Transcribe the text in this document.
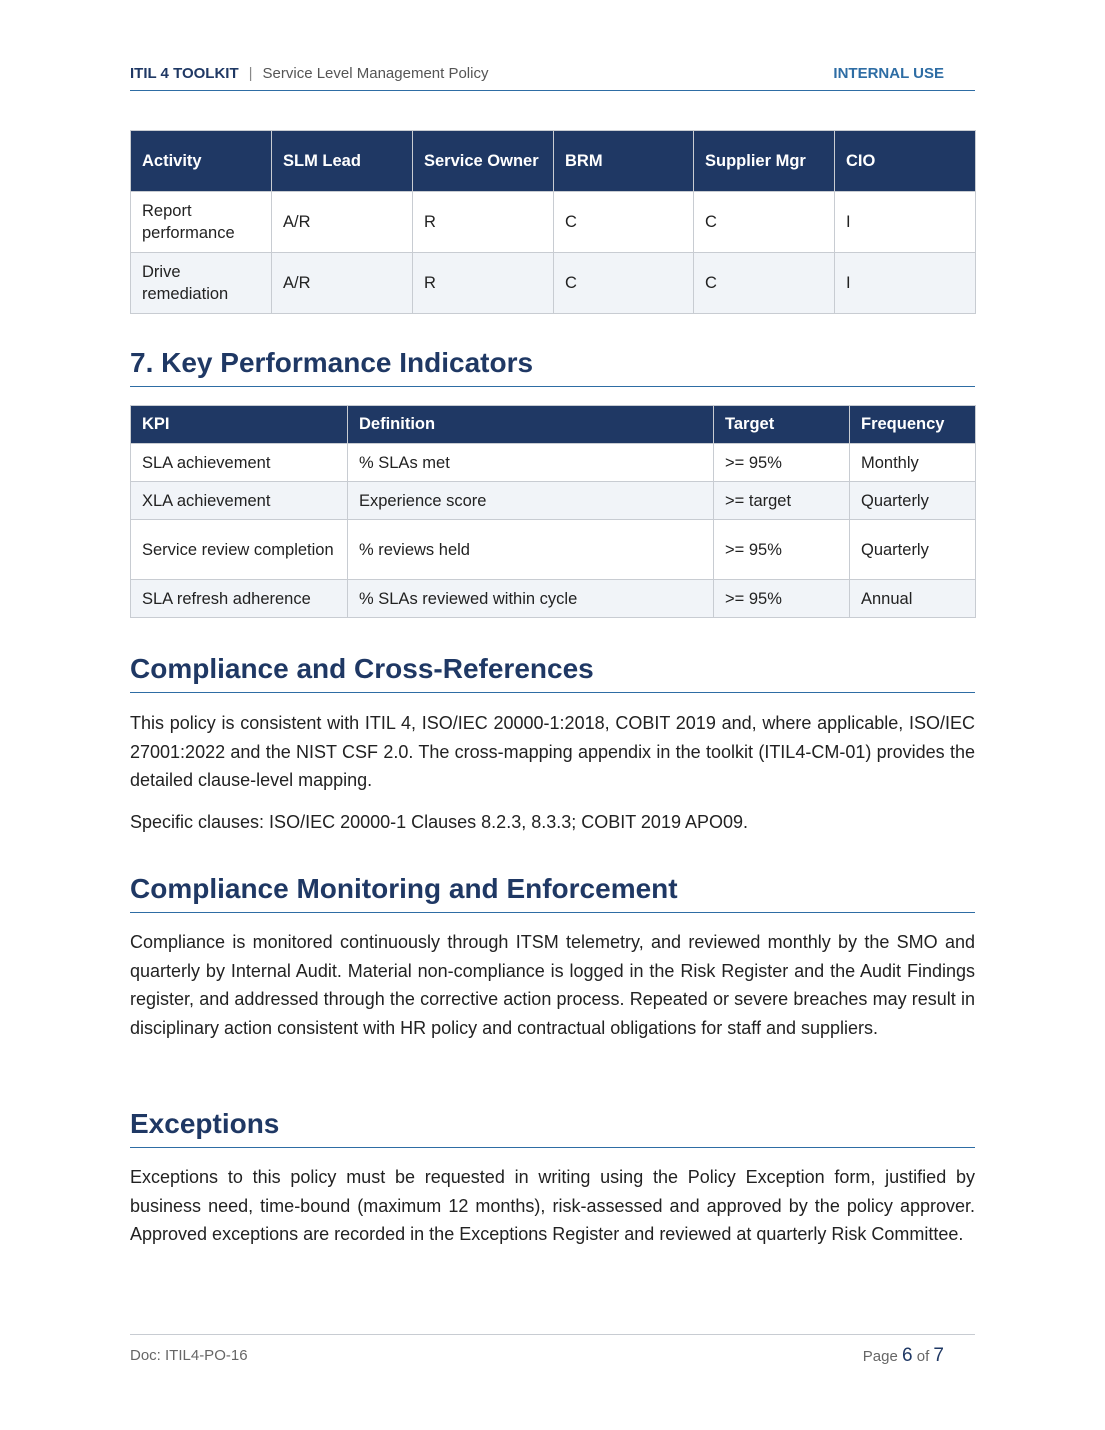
ITIL 4 TOOLKIT | Service Level Management Policy	INTERNAL USE
Activity	SLM Lead	Service Owner	BRM	Supplier Mgr	CIO
Report performance	A/R	R	C	C	I
Drive remediation	A/R	R	C	C	I
7. Key Performance Indicators
KPI	Definition	Target	Frequency
SLA achievement	% SLAs met	>= 95%	Monthly
XLA achievement	Experience score	>= target	Quarterly
Service review completion	% reviews held	>= 95%	Quarterly
SLA refresh adherence	% SLAs reviewed within cycle	>= 95%	Annual
Compliance and Cross-References

This policy is consistent with ITIL 4, ISO/IEC 20000-1:2018, COBIT 2019 and, where applicable, ISO/IEC 27001:2022 and the NIST CSF 2.0. The cross-mapping appendix in the toolkit (ITIL4-CM-01) provides the detailed clause-level mapping.

Specific clauses: ISO/IEC 20000-1 Clauses 8.2.3, 8.3.3; COBIT 2019 APO09.

Compliance Monitoring and Enforcement

Compliance is monitored continuously through ITSM telemetry, and reviewed monthly by the SMO and quarterly by Internal Audit. Material non-compliance is logged in the Risk Register and the Audit Findings register, and addressed through the corrective action process. Repeated or severe breaches may result in disciplinary action consistent with HR policy and contractual obligations for staff and suppliers.

Exceptions

Exceptions to this policy must be requested in writing using the Policy Exception form, justified by business need, time-bound (maximum 12 months), risk-assessed and approved by the policy approver. Approved exceptions are recorded in the Exceptions Register and reviewed at quarterly Risk Committee.

Doc: ITIL4-PO-16	Page 6 of 7
